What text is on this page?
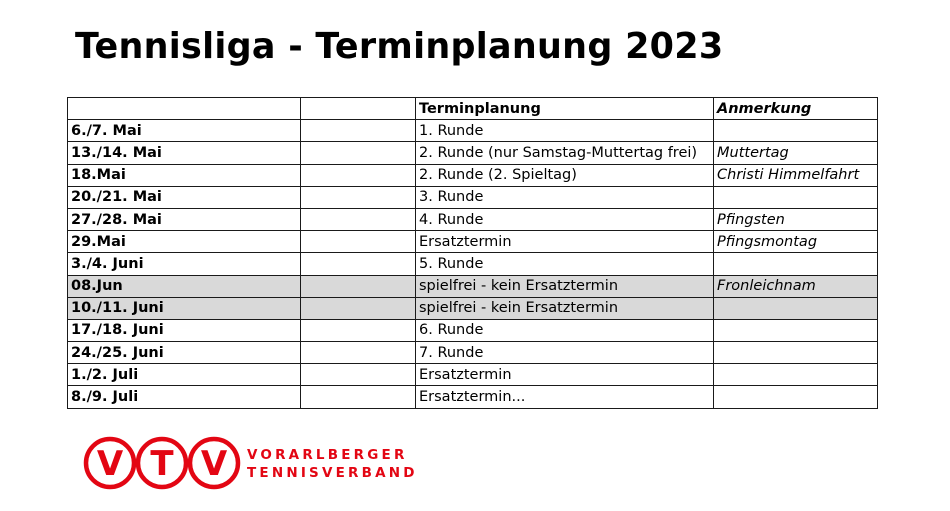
Tennisliga - Terminplanung 2023
		Terminplanung	Anmerkung
6./7. Mai		1. Runde	
13./14. Mai		2. Runde (nur Samstag-Muttertag frei)	Muttertag
18.Mai		2. Runde (2. Spieltag)	Christi Himmelfahrt
20./21. Mai		3. Runde	
27./28. Mai		4. Runde	Pfingsten
29.Mai		Ersatztermin	Pfingsmontag
3./4. Juni		5. Runde	
08.Jun		spielfrei - kein Ersatztermin	Fronleichnam
10./11. Juni		spielfrei - kein Ersatztermin	
17./18. Juni		6. Runde	
24./25. Juni		7. Runde	
1./2. Juli		Ersatztermin	
8./9. Juli		Ersatztermin...	
V T V VORARLBERGER
TENNISVERBAND
